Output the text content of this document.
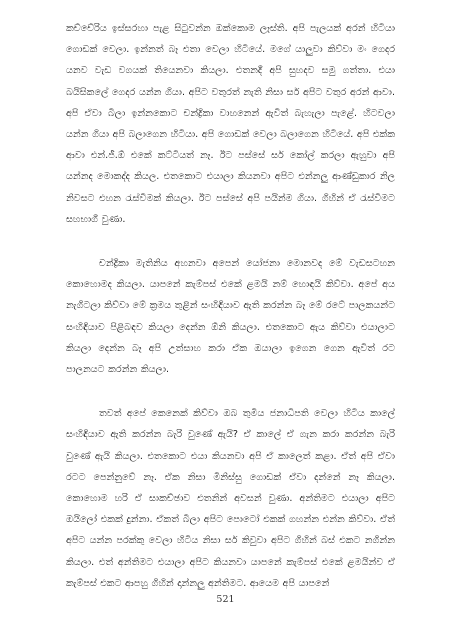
කච්චේරිය ඉස්සරහා පැළ සිටුවන්න ඔක්කොම ලෑස්ති. අපි පැලයක් අරන් හිටියා ගොඩක් වෙලා. ඉන්නත් බෑ එතා වෙලා හිටියේ. මගේ යාලුවා කිව්වා මං ගෙදර යනව වැඩ වගයක් තියෙනවා කියලා. එතනදී අපි සුහදව සමු ගත්තා. එයා බයිසිකලේ ගෙදර යන්න ගියා. අපිට වතුරත් නැති නිසා සර් අපිට වතුර අරන් ආවා. අපි ඒවා බීලා ඉන්නකොට චන්ද්‍රිකා වාහනෙන් ඇවිත් බැහැලා පැළේ. හිටවලා යන්න ගියා අපි බලාගෙන හිටියා. අපි ගොඩක් වෙලා බලාගෙන හිටියේ. අපි එක්ක ආවා එන්.ජී.ඕ එකේ කට්ටියත් නෑ. ඊට පස්සේ සර් කෝල් කරලා ඇහුවා අපි යන්නද මොකද්ද කියල. එතකොට එයාලා කියනවා අපිට එන්නලු ආණ්ඩුකාර නිල නිවසට එහන රැස්වීමක් කියලා. ඊට පස්සේ අපි පයින්ම ගියා. ගිහින් ඒ රැස්වීමට සහභාගී වුණා.

චන්ද්‍රිකා මැතිනිය අහනවා අපෙන් යෝජනා මොනවද මේ වැඩසටහන කොහොමද කියලා. යාපනේ කැම්පස් එකේ ළමයි නම් හොඳයි කිව්වා. අපේ අය නැගිටලා කිව්වා මේ ක්‍රමය තුළින් සංහිඳියාව ඇති කරන්න බෑ මේ රටේ පාලකයන්ට සංහිඳියාව පිළිබඳව කියලා දෙන්න ඕනි කියලා. එතකොට ඇය කිව්වා එයාලාට කියලා දෙන්න බෑ අපි උත්සාහ කරා ඒක ඔයාලා ඉගෙන ගෙන ඇවිත් රට පාලනයට කරන්න කියලා.

තවත් අපේ කෙනෙක් කිව්වා ඔබ තුමිය ජනාධිපති වෙලා හිටිය කාලේ සංහිඳියාව ඇති කරන්න බැරි වුණේ ඇයි? ඒ කාලේ ඒ ගැන කරා කරන්න බැරි වුණේ ඇයි කියලා. එතකොට එයා කියනවා අපි ඒ කාලෙත් කළා. ඒත් අපි ඒවා රටට පෙන්නුවේ නෑ. ඒක නිසා මිනිස්සු ගොඩක් ඒවා දන්නේ නෑ කියලා. කොහොම හරි ඒ සාකච්ඡාව එතනින් අවසන් වුණා. අන්තිමට එයාලා අපිට ඔයිලෝ එකක් දුන්නා. ඒකත් බීලා අපිට පොටෝ එකක් ගහන්න එන්න කිව්වා. ඒත් අපිට යන්න පරක්කු වෙලා හිටිය නිසා සර් කිවුවා අපිට ගිහින් බස් එකට නගින්න කියලා. එත් අන්තිමට එයාලා අපිට කියනවා යාපනේ කැම්පස් එකේ ළමයින්ව ඒ කැම්පස් එකට ආපහු ගිහින් දාන්නලු අන්තිමට. ආයෙම අපි යාපනේ

521
